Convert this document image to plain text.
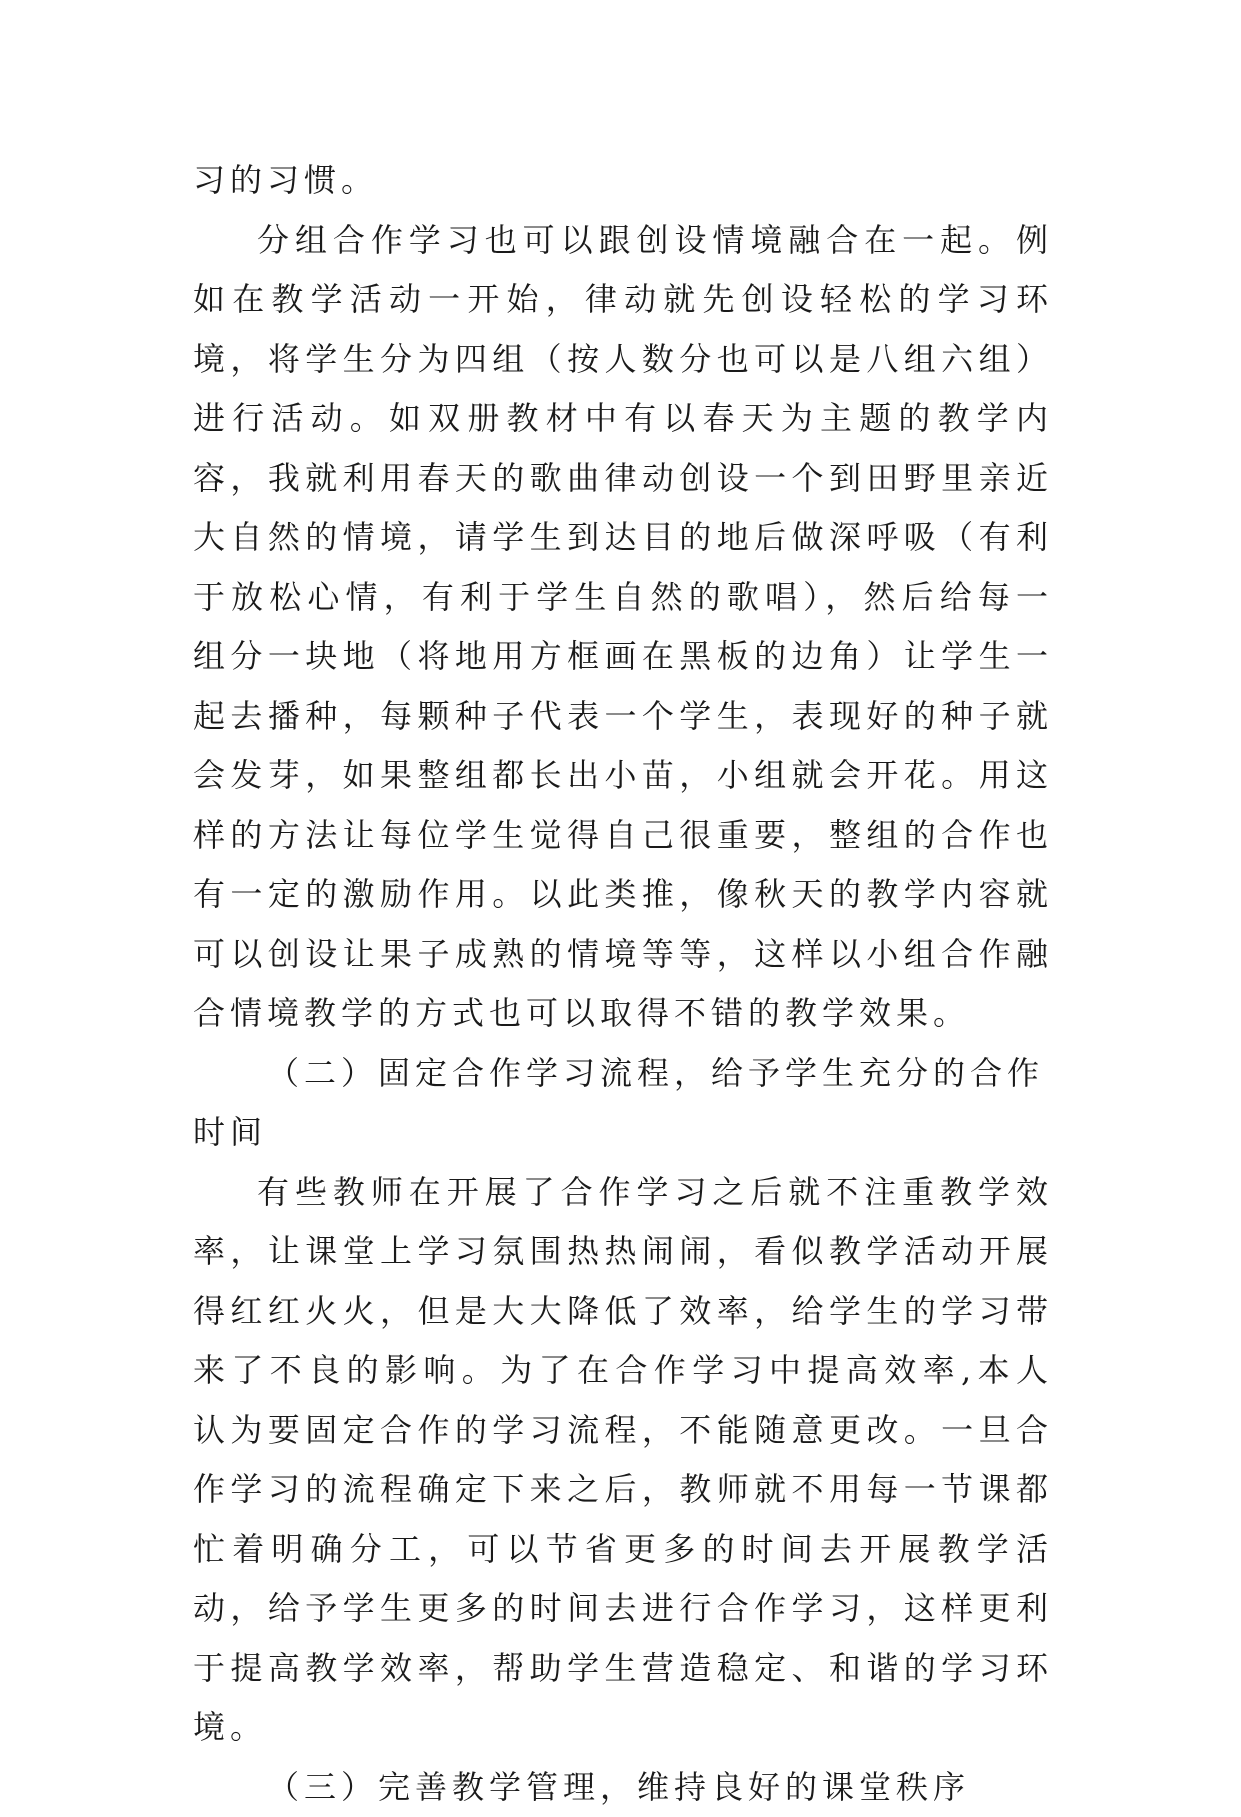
习的习惯。

分组合作学习也可以跟创设情境融合在一起。例如在教学活动一开始，律动就先创设轻松的学习环境，将学生分为四组（按人数分也可以是八组六组）进行活动。如双册教材中有以春天为主题的教学内容，我就利用春天的歌曲律动创设一个到田野里亲近大自然的情境，请学生到达目的地后做深呼吸（有利于放松心情，有利于学生自然的歌唱），然后给每一组分一块地（将地用方框画在黑板的边角）让学生一起去播种，每颗种子代表一个学生，表现好的种子就会发芽，如果整组都长出小苗，小组就会开花。用这样的方法让每位学生觉得自己很重要，整组的合作也有一定的激励作用。以此类推，像秋天的教学内容就可以创设让果子成熟的情境等等，这样以小组合作融合情境教学的方式也可以取得不错的教学效果。

（二）固定合作学习流程，给予学生充分的合作时间

有些教师在开展了合作学习之后就不注重教学效率，让课堂上学习氛围热热闹闹，看似教学活动开展得红红火火，但是大大降低了效率，给学生的学习带来了不良的影响。为了在合作学习中提高效率,本人认为要固定合作的学习流程，不能随意更改。一旦合作学习的流程确定下来之后，教师就不用每一节课都忙着明确分工，可以节省更多的时间去开展教学活动，给予学生更多的时间去进行合作学习，这样更利于提高教学效率，帮助学生营造稳定、和谐的学习环境。

（三）完善教学管理，维持良好的课堂秩序
